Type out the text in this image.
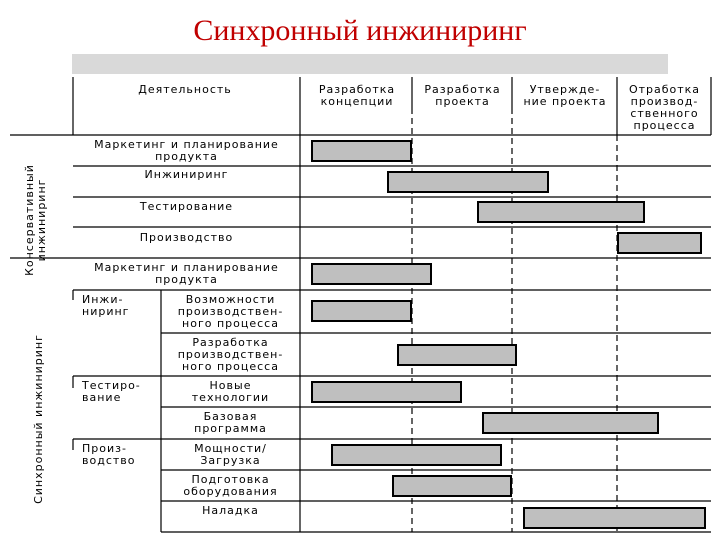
Синхронный инжиниринг
Деятельность	Разработка
концепции
Разработка
проекта
Утвержде-
ние проекта
Отработка
производ-
ственного
процесса
Консервативный
инжиниринг
Синхронный инжиниринг
Маркетинг и планирование
продукта
Инжиниринг
Тестирование
Производство
Маркетинг и планирование
продукта
Инжи-
ниринг
Возможности
производствен-
ного процесса
Разработка
производствен-
ного процесса
Тестиро-
вание
Новые
технологии
Базовая
программа
Произ-
водство
Мощности/
Загрузка
Подготовка
оборудования
Наладка
